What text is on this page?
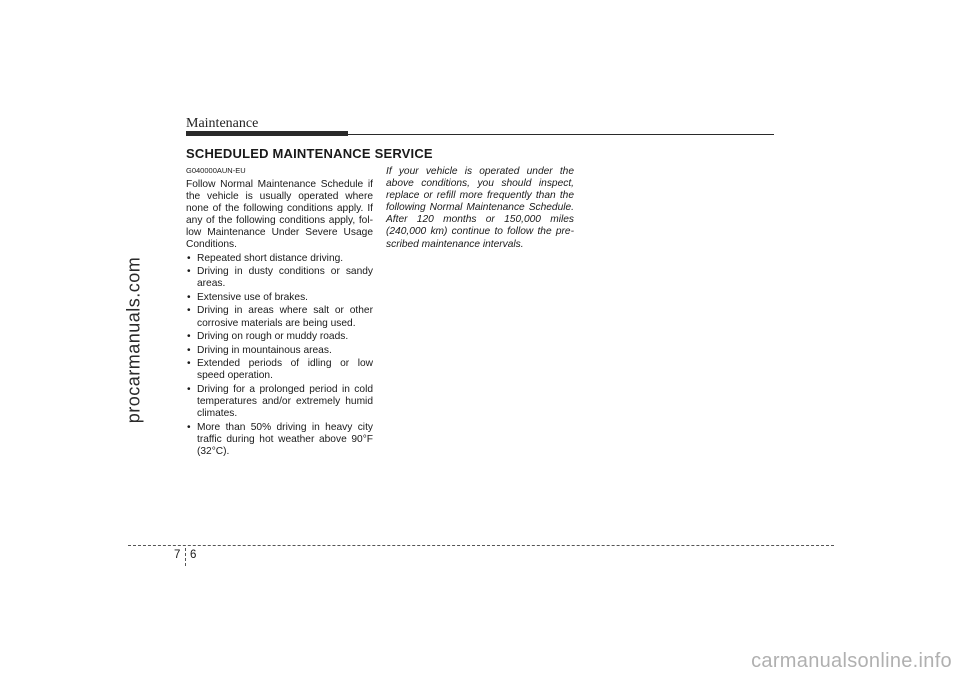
procarmanuals.com
Maintenance
SCHEDULED MAINTENANCE SERVICE
G040000AUN-EU
Follow Normal Maintenance Schedule if the vehicle is usually operated where none of the following conditions apply. If any of the following conditions apply, fol-low Maintenance Under Severe Usage Conditions.
• Repeated short distance driving.
• Driving in dusty conditions or sandy areas.
• Extensive use of brakes.
• Driving in areas where salt or other corrosive materials are being used.
• Driving on rough or muddy roads.
• Driving in mountainous areas.
• Extended periods of idling or low speed operation.
• Driving for a prolonged period in cold temperatures and/or extremely humid climates.
• More than 50% driving in heavy city traffic during hot weather above 90°F (32°C).
If your vehicle is operated under the above conditions, you should inspect, replace or refill more frequently than the following Normal Maintenance Schedule. After 120 months or 150,000 miles (240,000 km) continue to follow the pre-scribed maintenance intervals.
7 6
carmanualsonline.info
